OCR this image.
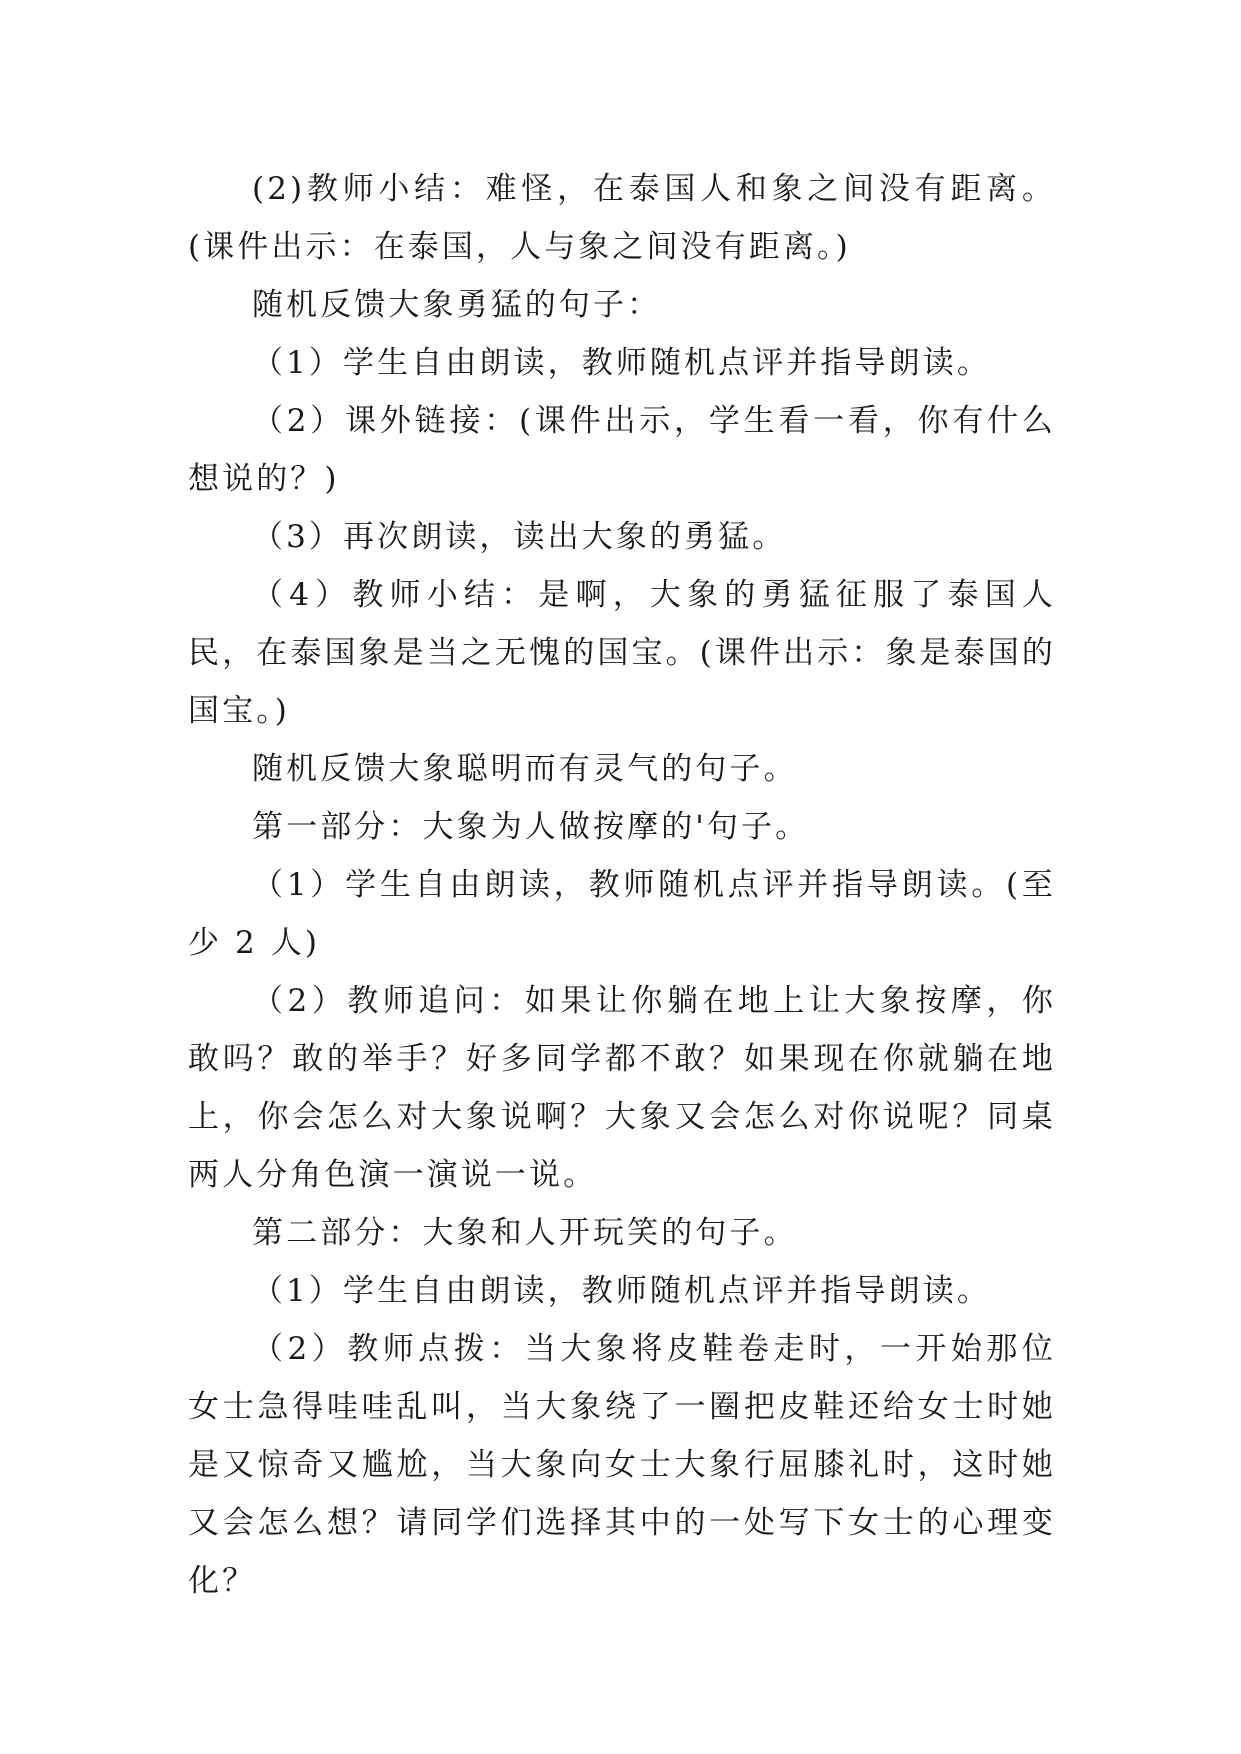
(2)教师小结：难怪，在泰国人和象之间没有距离。(课件出示：在泰国，人与象之间没有距离。)

随机反馈大象勇猛的句子：

（1）学生自由朗读，教师随机点评并指导朗读。

（2）课外链接：(课件出示，学生看一看，你有什么想说的？)

（3）再次朗读，读出大象的勇猛。

（4）教师小结：是啊，大象的勇猛征服了泰国人民，在泰国象是当之无愧的国宝。(课件出示：象是泰国的国宝。)

随机反馈大象聪明而有灵气的句子。

第一部分：大象为人做按摩的'句子。

（1）学生自由朗读，教师随机点评并指导朗读。(至少 2 人)

（2）教师追问：如果让你躺在地上让大象按摩，你敢吗？敢的举手？好多同学都不敢？如果现在你就躺在地上，你会怎么对大象说啊？大象又会怎么对你说呢？同桌两人分角色演一演说一说。

第二部分：大象和人开玩笑的句子。

（1）学生自由朗读，教师随机点评并指导朗读。

（2）教师点拨：当大象将皮鞋卷走时，一开始那位女士急得哇哇乱叫，当大象绕了一圈把皮鞋还给女士时她是又惊奇又尴尬，当大象向女士大象行屈膝礼时，这时她又会怎么想？请同学们选择其中的一处写下女士的心理变化？
